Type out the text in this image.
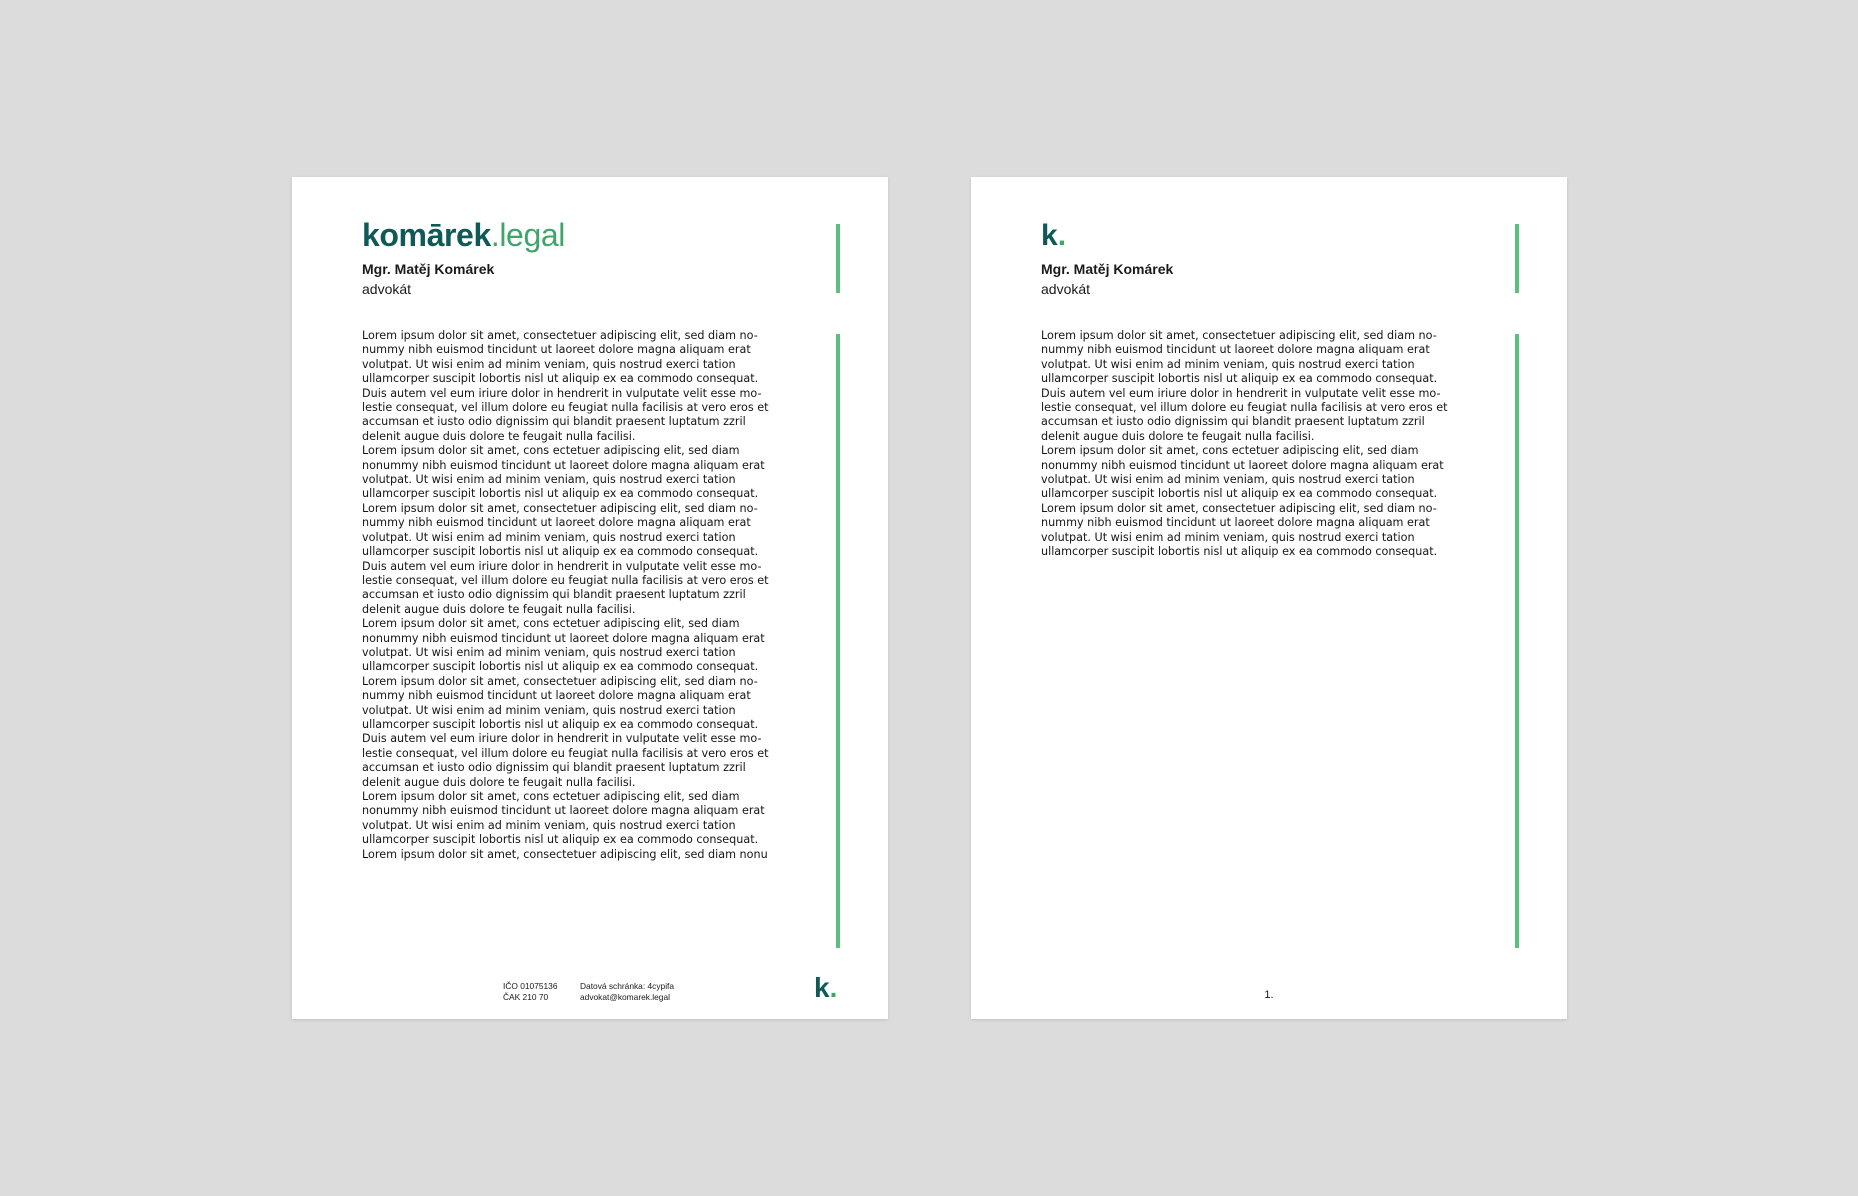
komārek.legal
Mgr. Matěj Komárek
advokát

Lorem ipsum dolor sit amet, consectetuer adipiscing elit, sed diam no-
nummy nibh euismod tincidunt ut laoreet dolore magna aliquam erat
volutpat. Ut wisi enim ad minim veniam, quis nostrud exerci tation
ullamcorper suscipit lobortis nisl ut aliquip ex ea commodo consequat.
Duis autem vel eum iriure dolor in hendrerit in vulputate velit esse mo-
lestie consequat, vel illum dolore eu feugiat nulla facilisis at vero eros et
accumsan et iusto odio dignissim qui blandit praesent luptatum zzril
delenit augue duis dolore te feugait nulla facilisi.

Lorem ipsum dolor sit amet, cons ectetuer adipiscing elit, sed diam
nonummy nibh euismod tincidunt ut laoreet dolore magna aliquam erat
volutpat. Ut wisi enim ad minim veniam, quis nostrud exerci tation
ullamcorper suscipit lobortis nisl ut aliquip ex ea commodo consequat.
Lorem ipsum dolor sit amet, consectetuer adipiscing elit, sed diam no-
nummy nibh euismod tincidunt ut laoreet dolore magna aliquam erat
volutpat. Ut wisi enim ad minim veniam, quis nostrud exerci tation
ullamcorper suscipit lobortis nisl ut aliquip ex ea commodo consequat.
Duis autem vel eum iriure dolor in hendrerit in vulputate velit esse mo-
lestie consequat, vel illum dolore eu feugiat nulla facilisis at vero eros et
accumsan et iusto odio dignissim qui blandit praesent luptatum zzril
delenit augue duis dolore te feugait nulla facilisi.

Lorem ipsum dolor sit amet, cons ectetuer adipiscing elit, sed diam
nonummy nibh euismod tincidunt ut laoreet dolore magna aliquam erat
volutpat. Ut wisi enim ad minim veniam, quis nostrud exerci tation
ullamcorper suscipit lobortis nisl ut aliquip ex ea commodo consequat.
Lorem ipsum dolor sit amet, consectetuer adipiscing elit, sed diam no-
nummy nibh euismod tincidunt ut laoreet dolore magna aliquam erat
volutpat. Ut wisi enim ad minim veniam, quis nostrud exerci tation
ullamcorper suscipit lobortis nisl ut aliquip ex ea commodo consequat.
Duis autem vel eum iriure dolor in hendrerit in vulputate velit esse mo-
lestie consequat, vel illum dolore eu feugiat nulla facilisis at vero eros et
accumsan et iusto odio dignissim qui blandit praesent luptatum zzril
delenit augue duis dolore te feugait nulla facilisi.

Lorem ipsum dolor sit amet, cons ectetuer adipiscing elit, sed diam
nonummy nibh euismod tincidunt ut laoreet dolore magna aliquam erat
volutpat. Ut wisi enim ad minim veniam, quis nostrud exerci tation
ullamcorper suscipit lobortis nisl ut aliquip ex ea commodo consequat.
Lorem ipsum dolor sit amet, consectetuer adipiscing elit, sed diam nonu

IČO 01075136
ČAK 210 70
Datová schránka: 4cypifa
advokat@komarek.legal	k.
k.
Mgr. Matěj Komárek
advokát

Lorem ipsum dolor sit amet, consectetuer adipiscing elit, sed diam no-
nummy nibh euismod tincidunt ut laoreet dolore magna aliquam erat
volutpat. Ut wisi enim ad minim veniam, quis nostrud exerci tation
ullamcorper suscipit lobortis nisl ut aliquip ex ea commodo consequat.
Duis autem vel eum iriure dolor in hendrerit in vulputate velit esse mo-
lestie consequat, vel illum dolore eu feugiat nulla facilisis at vero eros et
accumsan et iusto odio dignissim qui blandit praesent luptatum zzril
delenit augue duis dolore te feugait nulla facilisi.

Lorem ipsum dolor sit amet, cons ectetuer adipiscing elit, sed diam
nonummy nibh euismod tincidunt ut laoreet dolore magna aliquam erat
volutpat. Ut wisi enim ad minim veniam, quis nostrud exerci tation
ullamcorper suscipit lobortis nisl ut aliquip ex ea commodo consequat.
Lorem ipsum dolor sit amet, consectetuer adipiscing elit, sed diam no-
nummy nibh euismod tincidunt ut laoreet dolore magna aliquam erat
volutpat. Ut wisi enim ad minim veniam, quis nostrud exerci tation
ullamcorper suscipit lobortis nisl ut aliquip ex ea commodo consequat.

1.
